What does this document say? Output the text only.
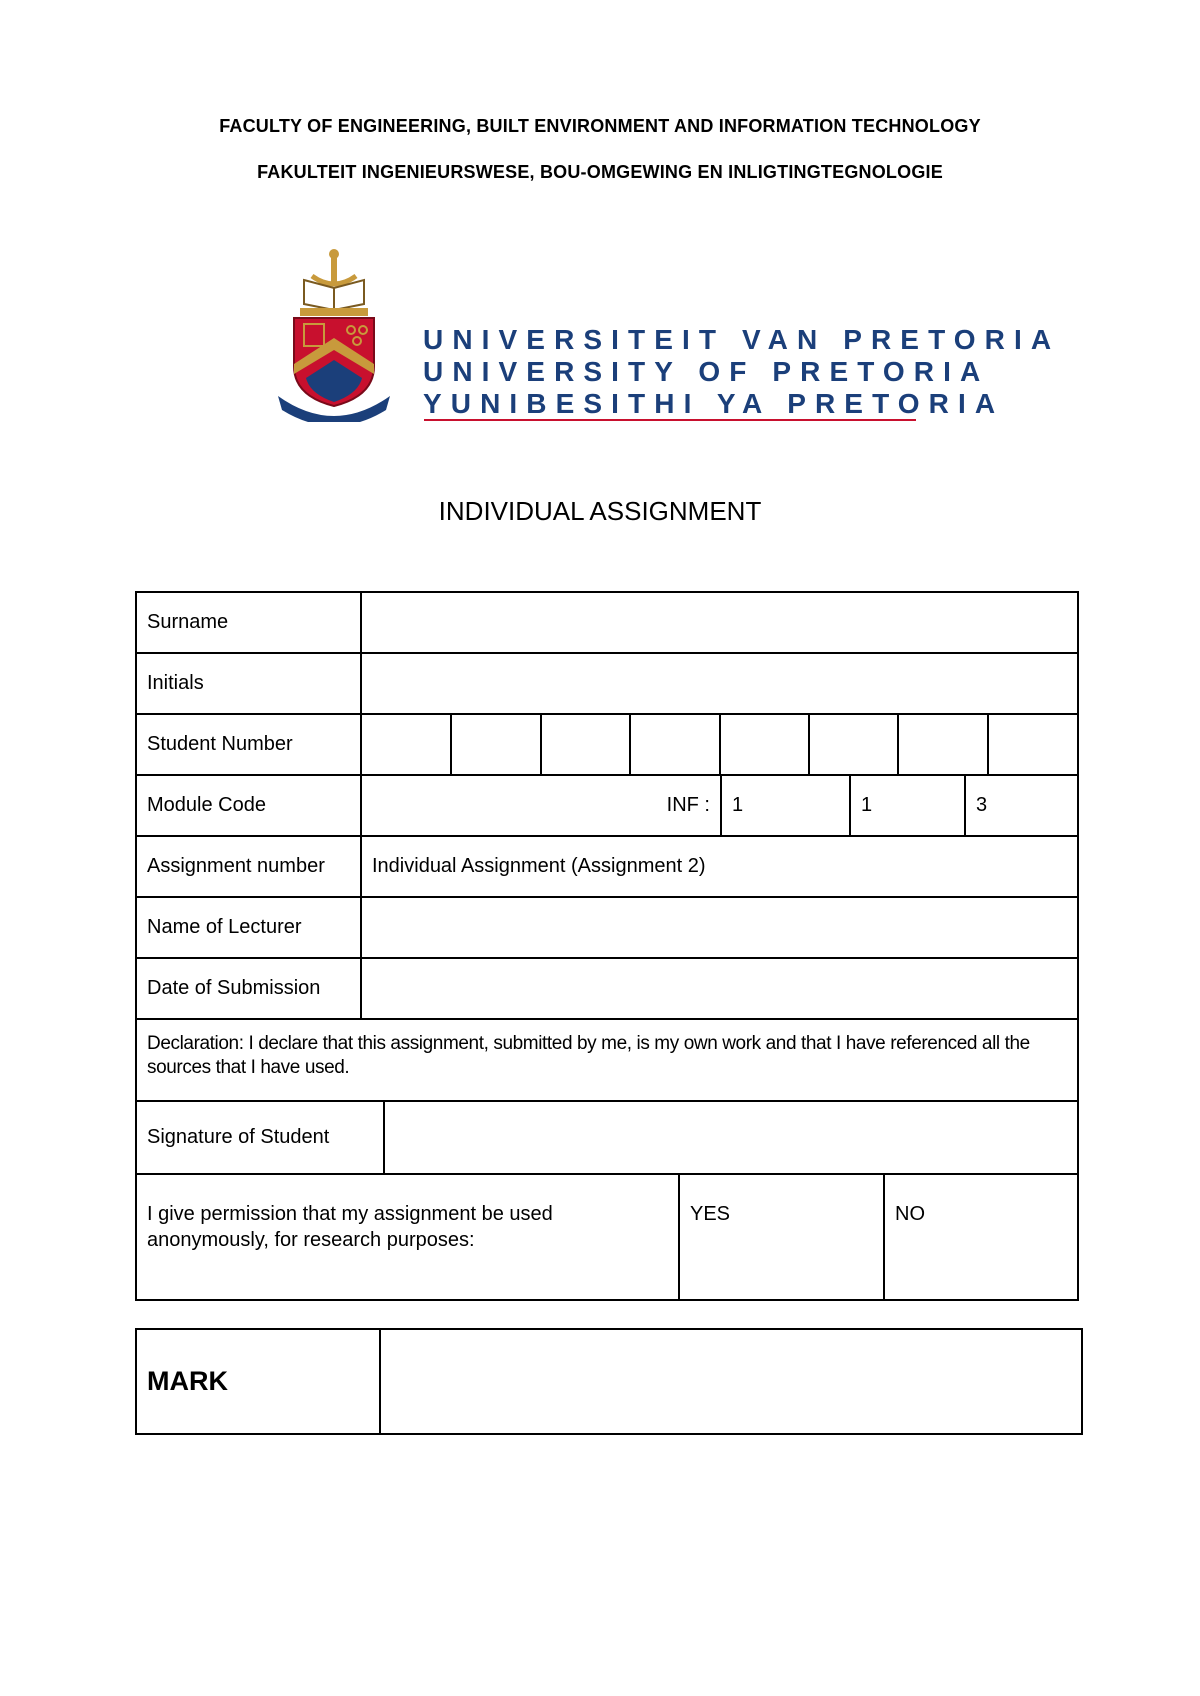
FACULTY OF ENGINEERING, BUILT ENVIRONMENT AND INFORMATION TECHNOLOGY
FAKULTEIT INGENIEURSWESE, BOU-OMGEWING EN INLIGTINGTEGNOLOGIE
UNIVERSITEIT VAN PRETORIA
UNIVERSITY OF PRETORIA
YUNIBESITHI YA PRETORIA
INDIVIDUAL ASSIGNMENT
Surname	
Initials	
Student Number	

Module Code		INF :	1	1	3

Assignment number	Individual Assignment (Assignment 2)
Name of Lecturer	
Date of Submission	
Declaration: I declare that this assignment, submitted by me, is my own work and that I have referenced all the sources that I have used.

Signature of Student	

I give permission that my assignment be used anonymously, for research purposes:	YES	NO
MARK	
